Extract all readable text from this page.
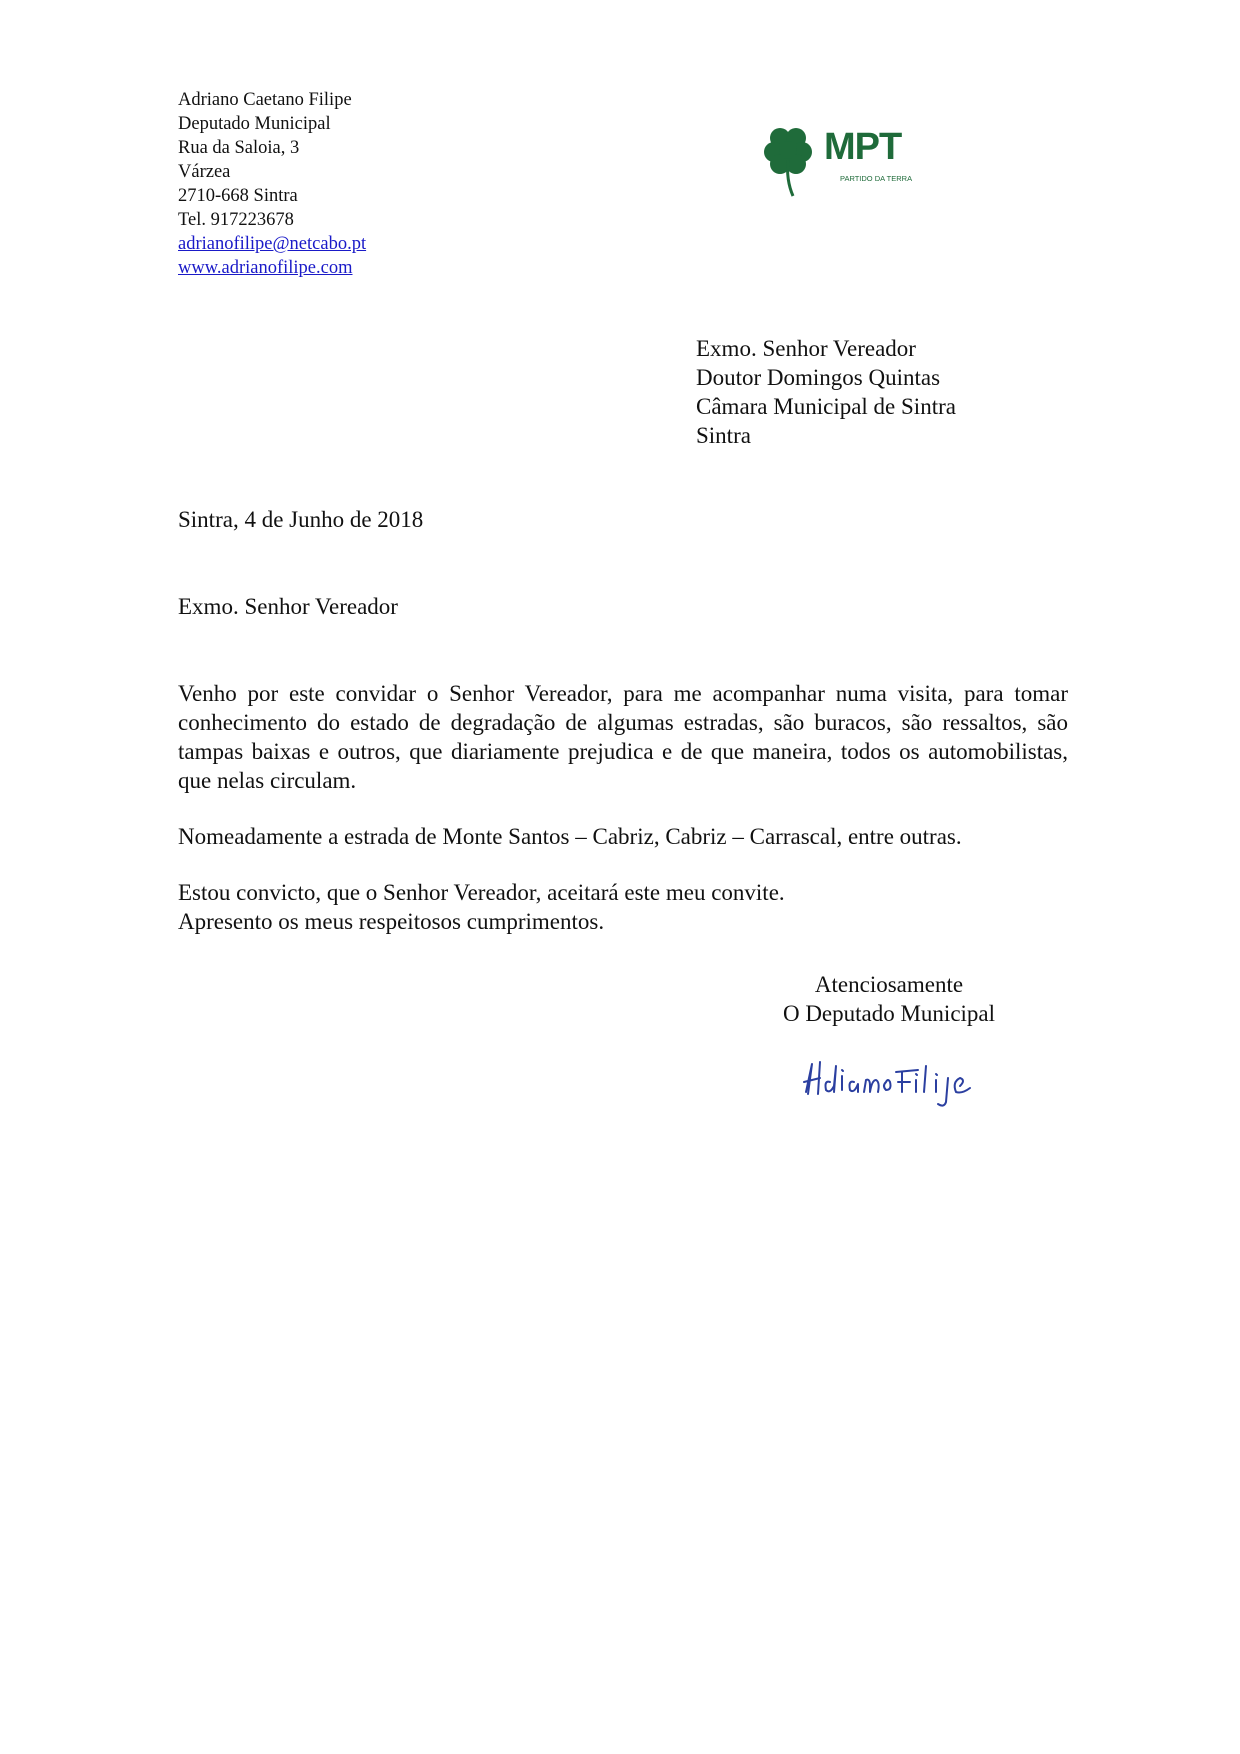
Adriano Caetano Filipe
Deputado Municipal
Rua da Saloia, 3
Várzea
2710-668 Sintra
Tel. 917223678
adrianofilipe@netcabo.pt
www.adrianofilipe.com
MPT
PARTIDO DA TERRA
Exmo. Senhor Vereador
Doutor Domingos Quintas
Câmara Municipal de Sintra
Sintra
Sintra, 4 de Junho de 2018
Exmo. Senhor Vereador

Venho por este convidar o Senhor Vereador, para me acompanhar numa visita, para tomar conhecimento do estado de degradação de algumas estradas, são buracos, são ressaltos, são tampas baixas e outros, que diariamente prejudica e de que maneira, todos os automobilistas, que nelas circulam.

Nomeadamente a estrada de Monte Santos – Cabriz, Cabriz – Carrascal, entre outras.

Estou convicto, que o Senhor Vereador, aceitará este meu convite.
Apresento os meus respeitosos cumprimentos.
Atenciosamente
O Deputado Municipal
